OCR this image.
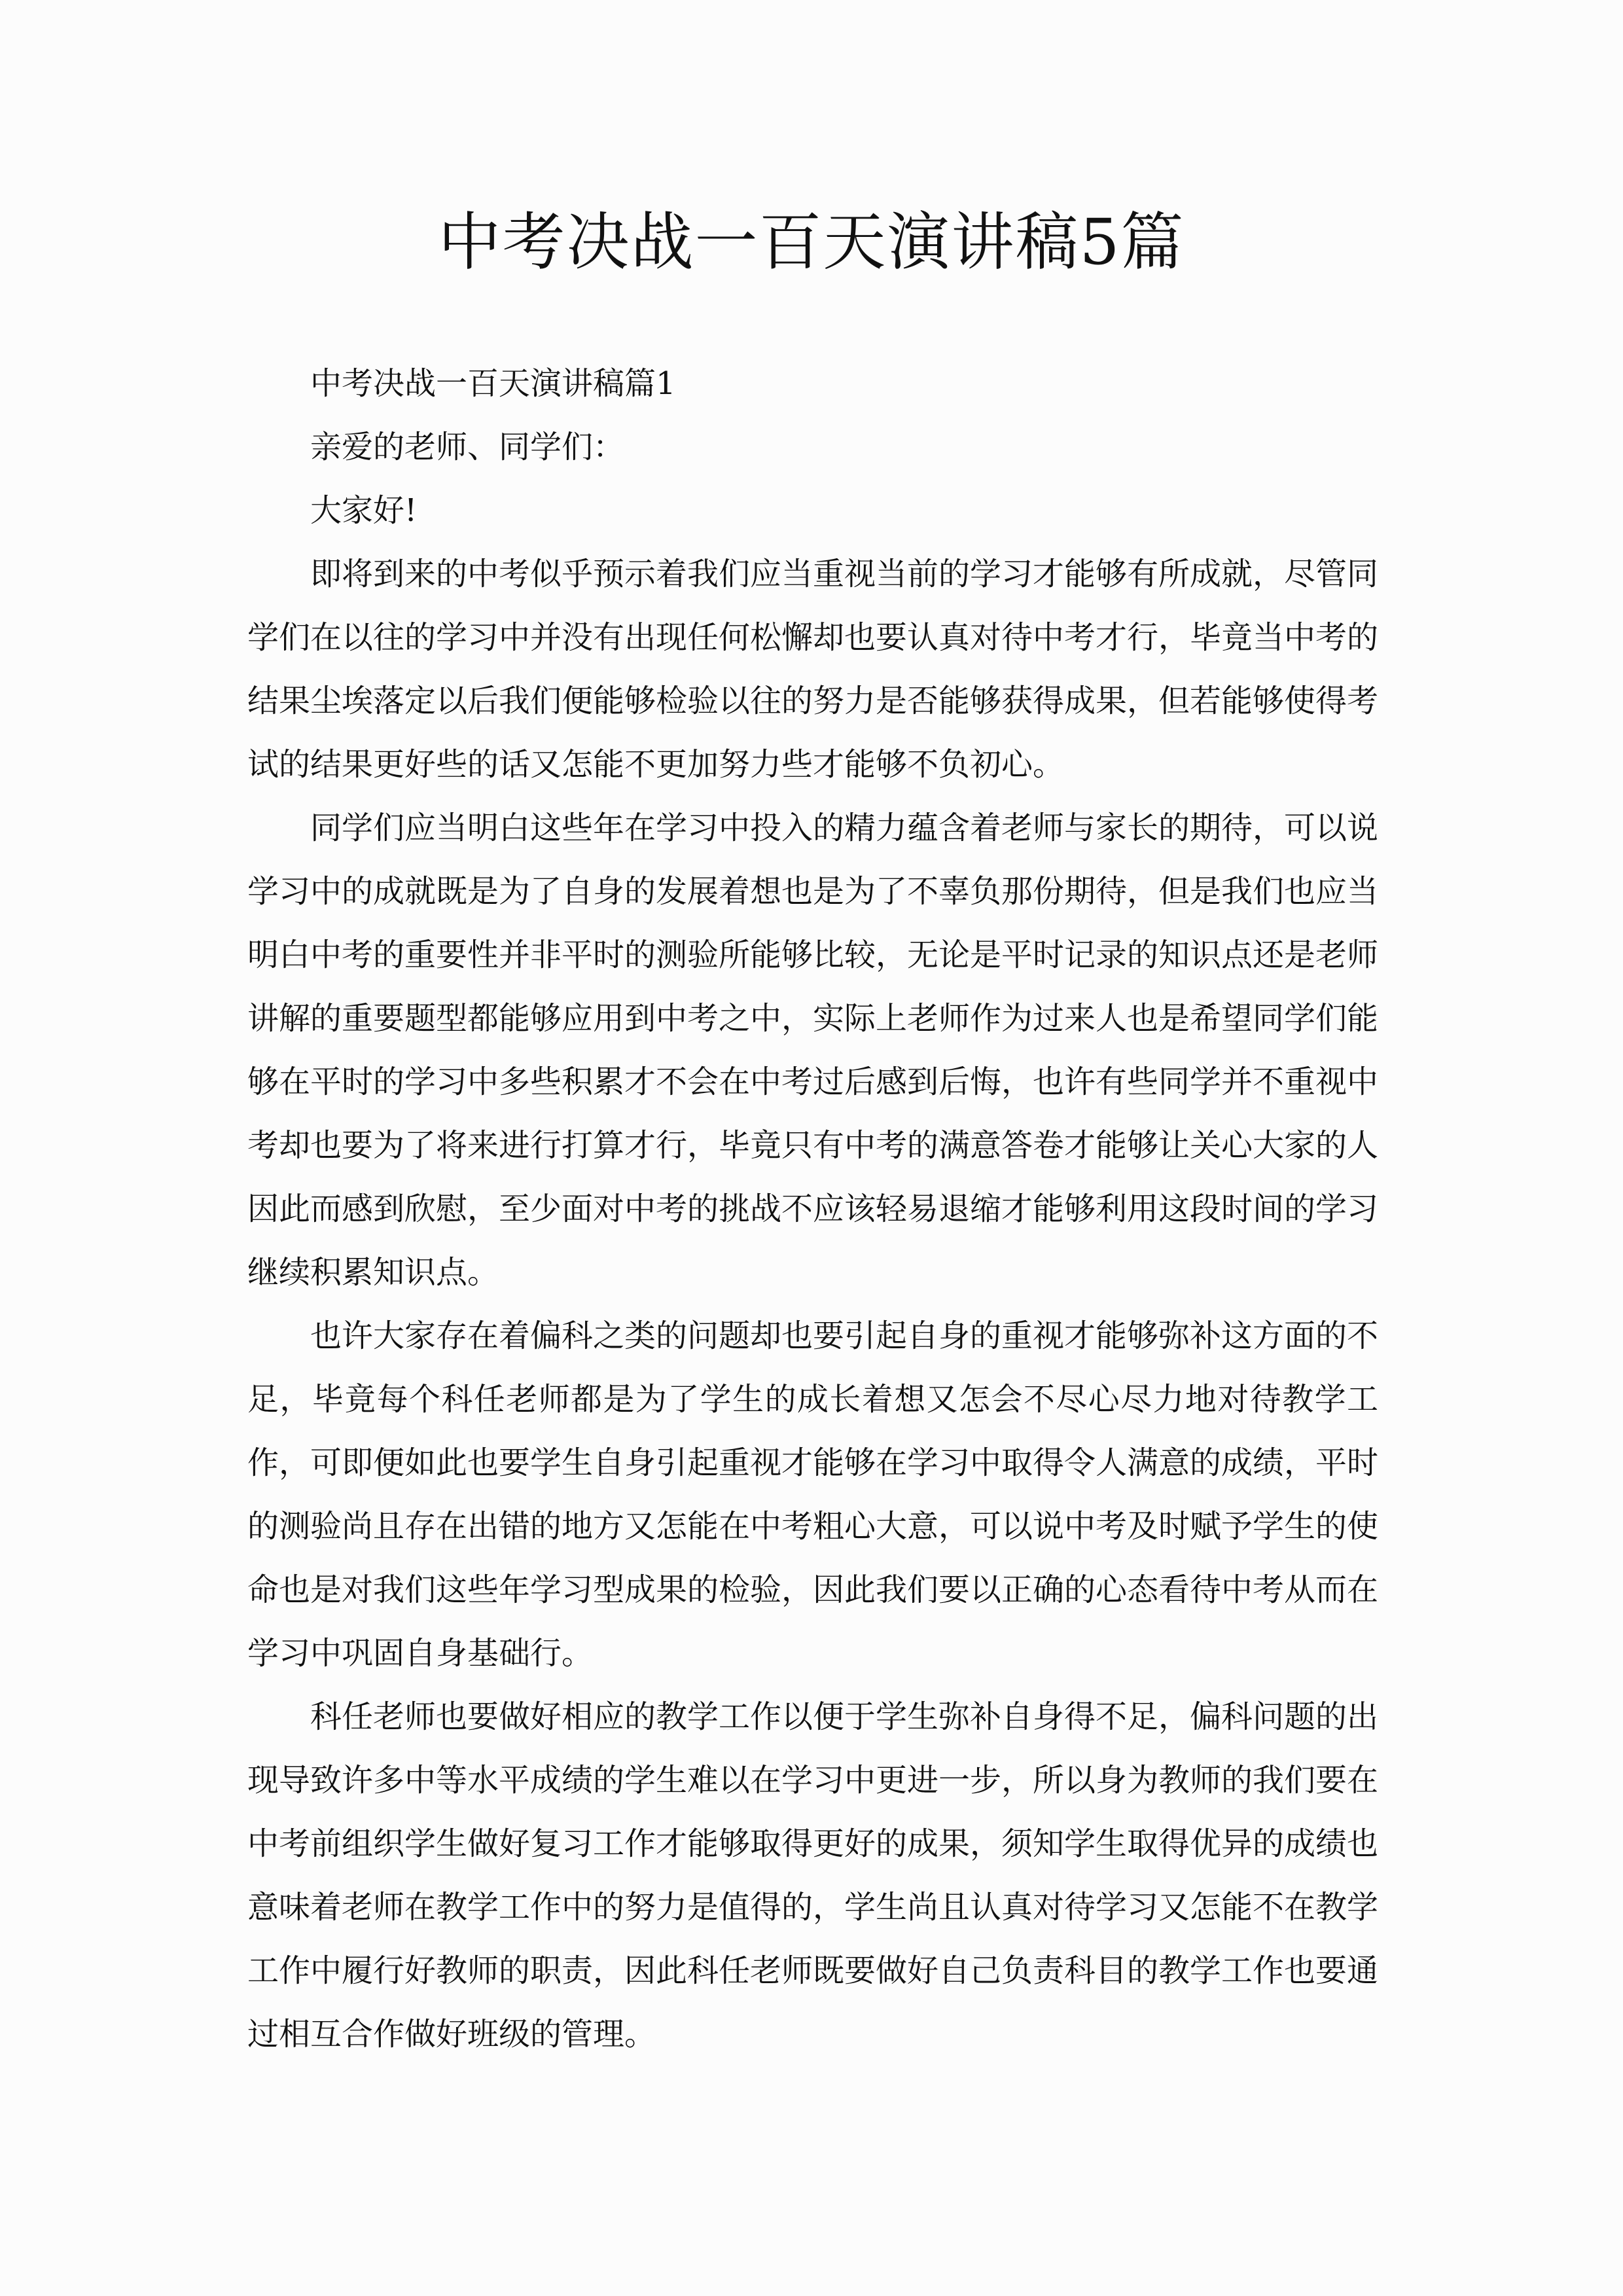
中考决战一百天演讲稿5篇

中考决战一百天演讲稿篇1

亲爱的老师、同学们：

大家好!

即将到来的中考似乎预示着我们应当重视当前的学习才能够有所成就，尽管同学们在以往的学习中并没有出现任何松懈却也要认真对待中考才行，毕竟当中考的结果尘埃落定以后我们便能够检验以往的努力是否能够获得成果，但若能够使得考试的结果更好些的话又怎能不更加努力些才能够不负初心。

同学们应当明白这些年在学习中投入的精力蕴含着老师与家长的期待，可以说学习中的成就既是为了自身的发展着想也是为了不辜负那份期待，但是我们也应当明白中考的重要性并非平时的测验所能够比较，无论是平时记录的知识点还是老师讲解的重要题型都能够应用到中考之中，实际上老师作为过来人也是希望同学们能够在平时的学习中多些积累才不会在中考过后感到后悔，也许有些同学并不重视中考却也要为了将来进行打算才行，毕竟只有中考的满意答卷才能够让关心大家的人因此而感到欣慰，至少面对中考的挑战不应该轻易退缩才能够利用这段时间的学习继续积累知识点。

也许大家存在着偏科之类的问题却也要引起自身的重视才能够弥补这方面的不足，毕竟每个科任老师都是为了学生的成长着想又怎会不尽心尽力地对待教学工作，可即便如此也要学生自身引起重视才能够在学习中取得令人满意的成绩，平时的测验尚且存在出错的地方又怎能在中考粗心大意，可以说中考及时赋予学生的使命也是对我们这些年学习型成果的检验，因此我们要以正确的心态看待中考从而在学习中巩固自身基础行。

科任老师也要做好相应的教学工作以便于学生弥补自身得不足，偏科问题的出现导致许多中等水平成绩的学生难以在学习中更进一步，所以身为教师的我们要在中考前组织学生做好复习工作才能够取得更好的成果，须知学生取得优异的成绩也意味着老师在教学工作中的努力是值得的，学生尚且认真对待学习又怎能不在教学工作中履行好教师的职责，因此科任老师既要做好自己负责科目的教学工作也要通过相互合作做好班级的管理。
